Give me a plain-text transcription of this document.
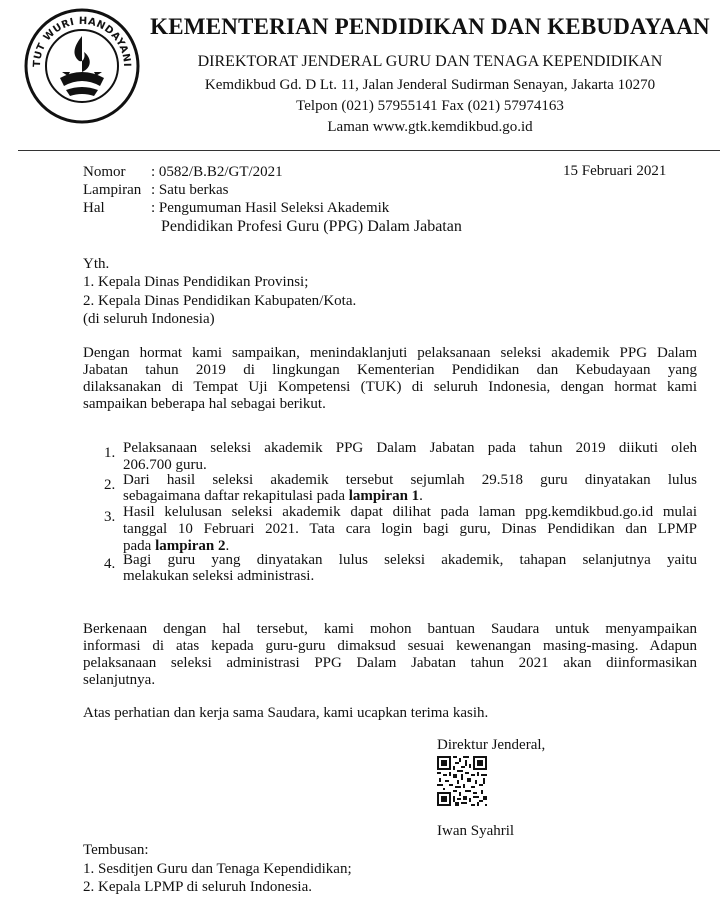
TUT WURI HANDAYANI
KEMENTERIAN PENDIDIKAN DAN KEBUDAYAAN
DIREKTORAT JENDERAL GURU DAN TENAGA KEPENDIDIKAN
Kemdikbud Gd. D Lt. 11, Jalan Jenderal Sudirman Senayan, Jakarta 10270
Telpon (021) 57955141 Fax (021) 57974163
Laman www.gtk.kemdikbud.go.id
Nomor : 0582/B.B2/GT/2021
Lampiran : Satu berkas
Hal	: Pengumuman Hasil Seleksi Akademik
Pendidikan Profesi Guru (PPG) Dalam Jabatan
15 Februari 2021
Yth.
1. Kepala Dinas Pendidikan Provinsi;
2. Kepala Dinas Pendidikan Kabupaten/Kota.
(di seluruh Indonesia)
Dengan hormat kami sampaikan, menindaklanjuti pelaksanaan seleksi akademik PPG Dalam
Jabatan tahun 2019 di lingkungan Kementerian Pendidikan dan Kebudayaan yang
dilaksanakan di Tempat Uji Kompetensi (TUK) di seluruh Indonesia, dengan hormat kami
sampaikan beberapa hal sebagai berikut.
1. Pelaksanaan seleksi akademik PPG Dalam Jabatan pada tahun 2019 diikuti oleh
206.700 guru.
2. Dari hasil seleksi akademik tersebut sejumlah 29.518 guru dinyatakan lulus
sebagaimana daftar rekapitulasi pada lampiran 1.
3. Hasil kelulusan seleksi akademik dapat dilihat pada laman ppg.kemdikbud.go.id mulai
tanggal 10 Februari 2021. Tata cara login bagi guru, Dinas Pendidikan dan LPMP
pada lampiran 2.
4. Bagi guru yang dinyatakan lulus seleksi akademik, tahapan selanjutnya yaitu
melakukan seleksi administrasi.
Berkenaan dengan hal tersebut, kami mohon bantuan Saudara untuk menyampaikan
informasi di atas kepada guru-guru dimaksud sesuai kewenangan masing-masing. Adapun
pelaksanaan seleksi administrasi PPG Dalam Jabatan tahun 2021 akan diinformasikan
selanjutnya.
Atas perhatian dan kerja sama Saudara, kami ucapkan terima kasih.
Direktur Jenderal,
Iwan Syahril
Tembusan:
1. Sesditjen Guru dan Tenaga Kependidikan;
2. Kepala LPMP di seluruh Indonesia.
